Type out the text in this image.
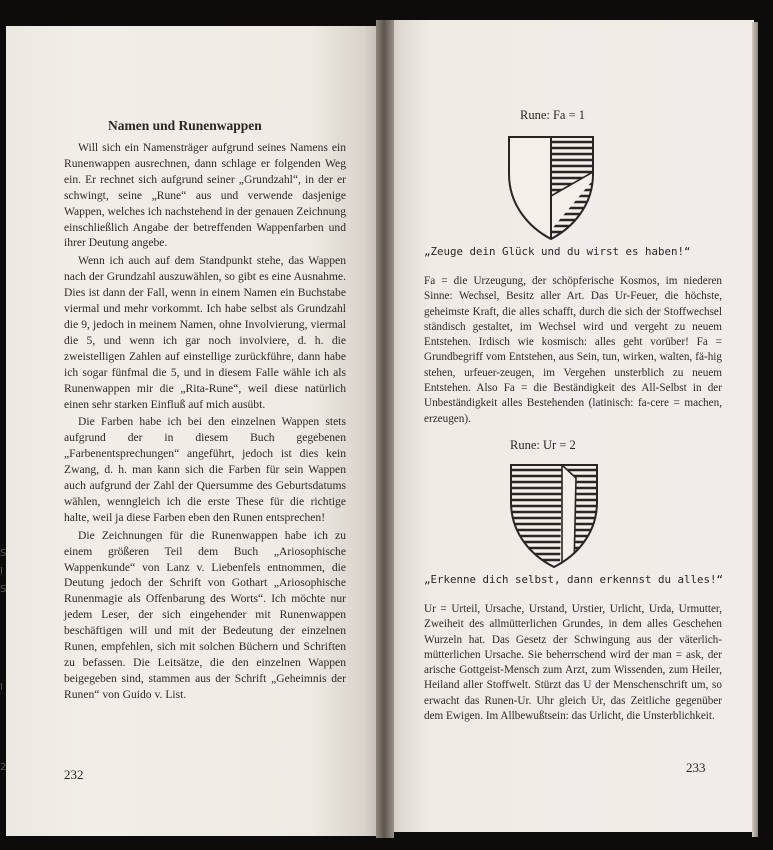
S
I
S
I
2
Namen und Runenwappen

Will sich ein Namensträger aufgrund seines Namens ein Runenwappen ausrechnen, dann schlage er folgenden Weg ein. Er rechnet sich aufgrund seiner „Grundzahl“, in der er schwingt, seine „Rune“ aus und verwende dasjenige Wappen, welches ich nachstehend in der genauen Zeichnung einschließlich Angabe der betreffenden Wappenfarben und ihrer Deutung angebe.

Wenn ich auch auf dem Standpunkt stehe, das Wappen nach der Grundzahl auszuwählen, so gibt es eine Ausnahme. Dies ist dann der Fall, wenn in einem Namen ein Buchstabe viermal und mehr vorkommt. Ich habe selbst als Grundzahl die 9, jedoch in meinem Namen, ohne Involvierung, viermal die 5, und wenn ich gar noch involviere, d. h. die zweistelligen Zahlen auf einstellige zurückführe, dann habe ich sogar fünfmal die 5, und in diesem Falle wähle ich als Runenwappen mir die „Rita-Rune“, weil diese natürlich einen sehr starken Einfluß auf mich ausübt.

Die Farben habe ich bei den einzelnen Wappen stets aufgrund der in diesem Buch gegebenen „Farbenentsprechungen“ angeführt, jedoch ist dies kein Zwang, d. h. man kann sich die Farben für sein Wappen auch aufgrund der Zahl der Quersumme des Geburtsdatums wählen, wenngleich ich die erste These für die richtige halte, weil ja diese Farben eben den Runen entsprechen!

Die Zeichnungen für die Runenwappen habe ich zu einem größeren Teil dem Buch „Ariosophische Wappenkunde“ von Lanz v. Liebenfels entnommen, die Deutung jedoch der Schrift von Gothart „Ariosophische Runenmagie als Offenbarung des Worts“. Ich möchte nur jedem Leser, der sich eingehender mit Runenwappen beschäftigen will und mit der Bedeutung der einzelnen Runen, empfehlen, sich mit solchen Büchern und Schriften zu befassen. Die Leitsätze, die den einzelnen Wappen beigegeben sind, stammen aus der Schrift „Geheimnis der Runen“ von Guido v. List.

232
Rune: Fa = 1
„Zeuge dein Glück und du wirst es haben!“
Fa = die Urzeugung, der schöpferische Kosmos, im niederen Sinne: Wechsel, Besitz aller Art. Das Ur-Feuer, die höchste, geheimste Kraft, die alles schafft, durch die sich der Stoffwechsel ständisch gestaltet, im Wechsel wird und vergeht zu neuem Entstehen. Irdisch wie kosmisch: alles geht vorüber! Fa = Grundbegriff vom Entstehen, aus Sein, tun, wirken, walten, fä-hig stehen, urfeuer-zeugen, im Vergehen unsterblich zu neuem Entstehen. Also Fa = die Beständigkeit des All-Selbst in der Unbeständigkeit alles Bestehenden (latinisch: fa-cere = machen, erzeugen).
Rune: Ur = 2
„Erkenne dich selbst, dann erkennst du alles!“
Ur = Urteil, Ursache, Urstand, Urstier, Urlicht, Urda, Urmutter, Zweiheit des allmütterlichen Grundes, in dem alles Geschehen Wurzeln hat. Das Gesetz der Schwingung aus der väterlich-mütterlichen Ursache. Sie beherrschend wird der man = ask, der arische Gottgeist-Mensch zum Arzt, zum Wissenden, zum Heiler, Heiland aller Stoffwelt. Stürzt das U der Menschenschrift um, so erwacht das Runen-Ur. Uhr gleich Ur, das Zeitliche gegenüber dem Ewigen. Im Allbewußtsein: das Urlicht, die Unsterblichkeit.
233
